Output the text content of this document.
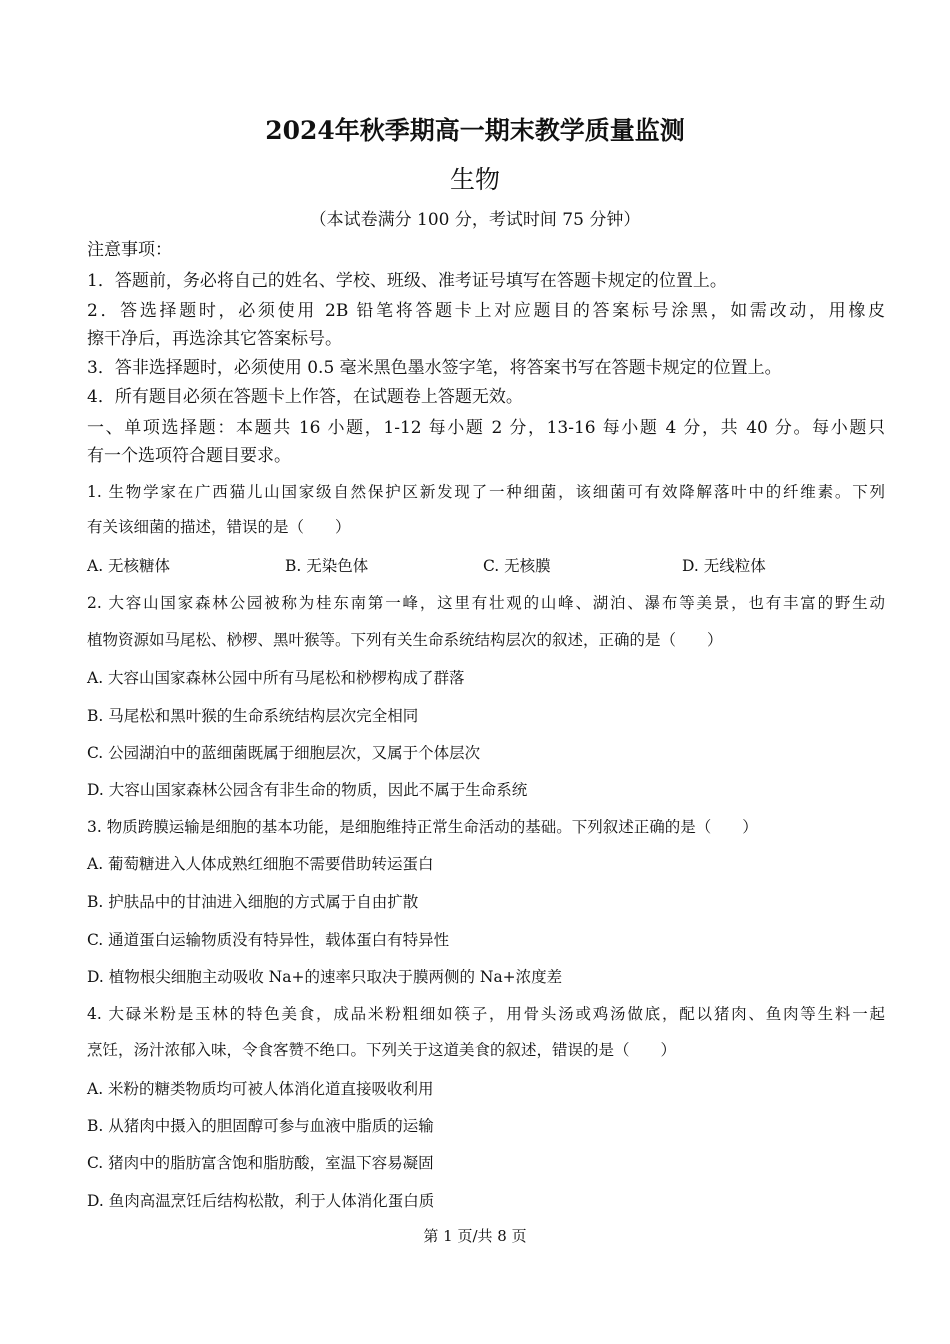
2024年秋季期高一期末教学质量监测
生物
（本试卷满分 100 分，考试时间 75 分钟）
注意事项：
1．答题前，务必将自己的姓名、学校、班级、准考证号填写在答题卡规定的位置上。
2．答选择题时，必须使用 2B 铅笔将答题卡上对应题目的答案标号涂黑，如需改动，用橡皮
擦干净后，再选涂其它答案标号。
3．答非选择题时，必须使用 0.5 毫米黑色墨水签字笔，将答案书写在答题卡规定的位置上。
4．所有题目必须在答题卡上作答，在试题卷上答题无效。
一、单项选择题：本题共 16 小题，1-12 每小题 2 分，13-16 每小题 4 分，共 40 分。每小题只
有一个选项符合题目要求。
1. 生物学家在广西猫儿山国家级自然保护区新发现了一种细菌，该细菌可有效降解落叶中的纤维素。下列
有关该细菌的描述，错误的是（　　）
A. 无核糖体	B. 无染色体	C. 无核膜	D. 无线粒体
2. 大容山国家森林公园被称为桂东南第一峰，这里有壮观的山峰、湖泊、瀑布等美景，也有丰富的野生动
植物资源如马尾松、桫椤、黑叶猴等。下列有关生命系统结构层次的叙述，正确的是（　　）
A. 大容山国家森林公园中所有马尾松和桫椤构成了群落
B. 马尾松和黑叶猴的生命系统结构层次完全相同
C. 公园湖泊中的蓝细菌既属于细胞层次，又属于个体层次
D. 大容山国家森林公园含有非生命的物质，因此不属于生命系统
3. 物质跨膜运输是细胞的基本功能，是细胞维持正常生命活动的基础。下列叙述正确的是（　　）
A. 葡萄糖进入人体成熟红细胞不需要借助转运蛋白
B. 护肤品中的甘油进入细胞的方式属于自由扩散
C. 通道蛋白运输物质没有特异性，载体蛋白有特异性
D. 植物根尖细胞主动吸收 Na+的速率只取决于膜两侧的 Na+浓度差
4. 大碌米粉是玉林的特色美食，成品米粉粗细如筷子，用骨头汤或鸡汤做底，配以猪肉、鱼肉等生料一起
烹饪，汤汁浓郁入味，令食客赞不绝口。下列关于这道美食的叙述，错误的是（　　）
A. 米粉的糖类物质均可被人体消化道直接吸收利用
B. 从猪肉中摄入的胆固醇可参与血液中脂质的运输
C. 猪肉中的脂肪富含饱和脂肪酸，室温下容易凝固
D. 鱼肉高温烹饪后结构松散，利于人体消化蛋白质
第 1 页/共 8 页
